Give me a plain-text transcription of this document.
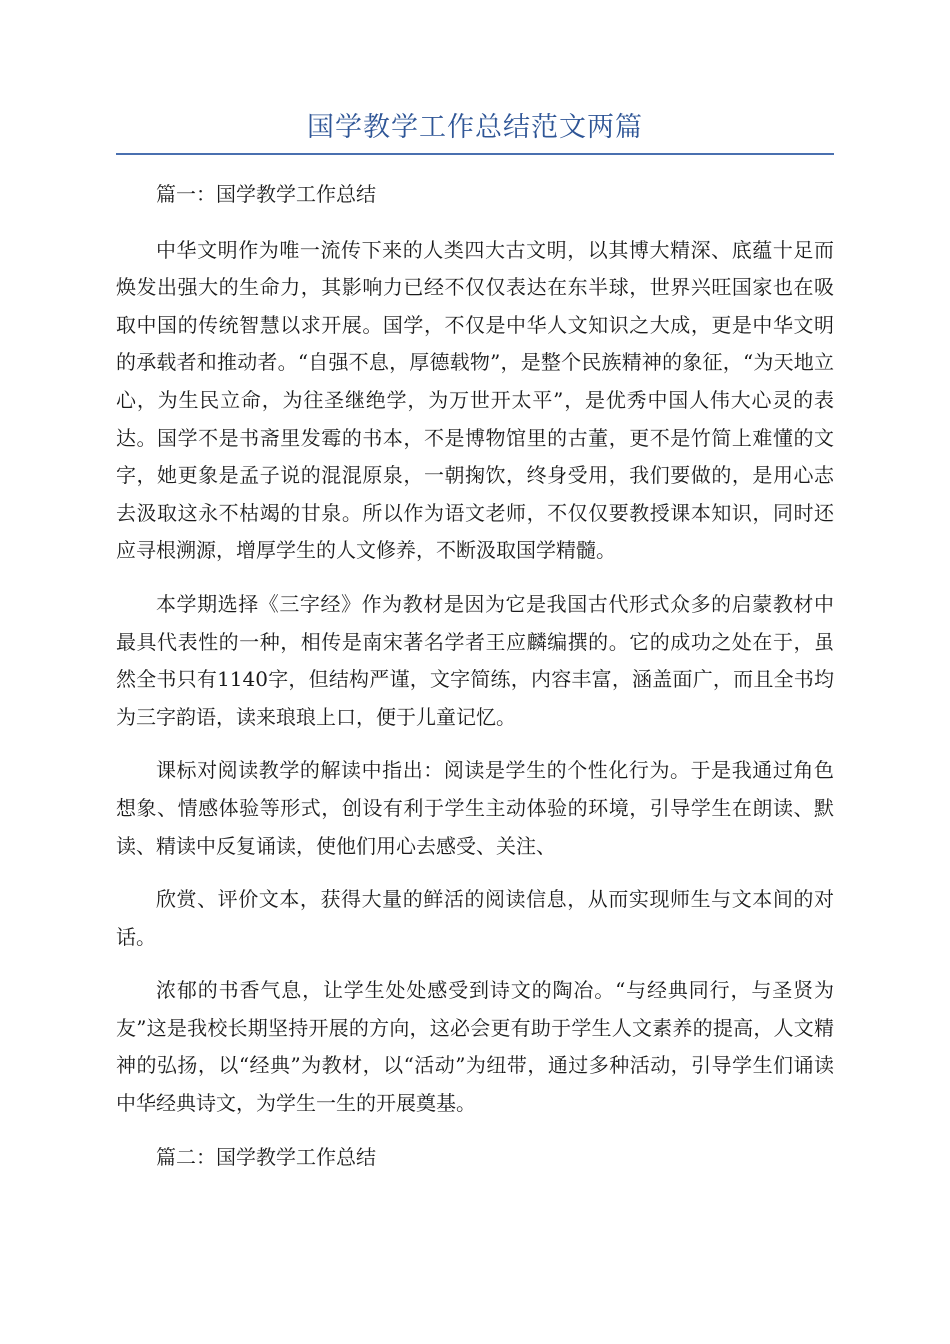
国学教学工作总结范文两篇

篇一：国学教学工作总结

中华文明作为唯一流传下来的人类四大古文明，以其博大精深、底蕴十足而焕发出强大的生命力，其影响力已经不仅仅表达在东半球，世界兴旺国家也在吸取中国的传统智慧以求开展。国学，不仅是中华人文知识之大成，更是中华文明的承载者和推动者。“自强不息，厚德载物”，是整个民族精神的象征，“为天地立心，为生民立命，为往圣继绝学，为万世开太平”，是优秀中国人伟大心灵的表达。国学不是书斋里发霉的书本，不是博物馆里的古董，更不是竹简上难懂的文字，她更象是孟子说的混混原泉，一朝掬饮，终身受用，我们要做的，是用心志去汲取这永不枯竭的甘泉。所以作为语文老师，不仅仅要教授课本知识，同时还应寻根溯源，增厚学生的人文修养，不断汲取国学精髓。

本学期选择《三字经》作为教材是因为它是我国古代形式众多的启蒙教材中最具代表性的一种，相传是南宋著名学者王应麟编撰的。它的成功之处在于，虽然全书只有1140字，但结构严谨，文字简练，内容丰富，涵盖面广，而且全书均为三字韵语，读来琅琅上口，便于儿童记忆。

课标对阅读教学的解读中指出：阅读是学生的个性化行为。于是我通过角色想象、情感体验等形式，创设有利于学生主动体验的环境，引导学生在朗读、默读、精读中反复诵读，使他们用心去感受、关注、

欣赏、评价文本，获得大量的鲜活的阅读信息，从而实现师生与文本间的对话。

浓郁的书香气息，让学生处处感受到诗文的陶冶。“与经典同行，与圣贤为友”这是我校长期坚持开展的方向，这必会更有助于学生人文素养的提高，人文精神的弘扬，以“经典”为教材，以“活动”为纽带，通过多种活动，引导学生们诵读中华经典诗文，为学生一生的开展奠基。

篇二：国学教学工作总结
